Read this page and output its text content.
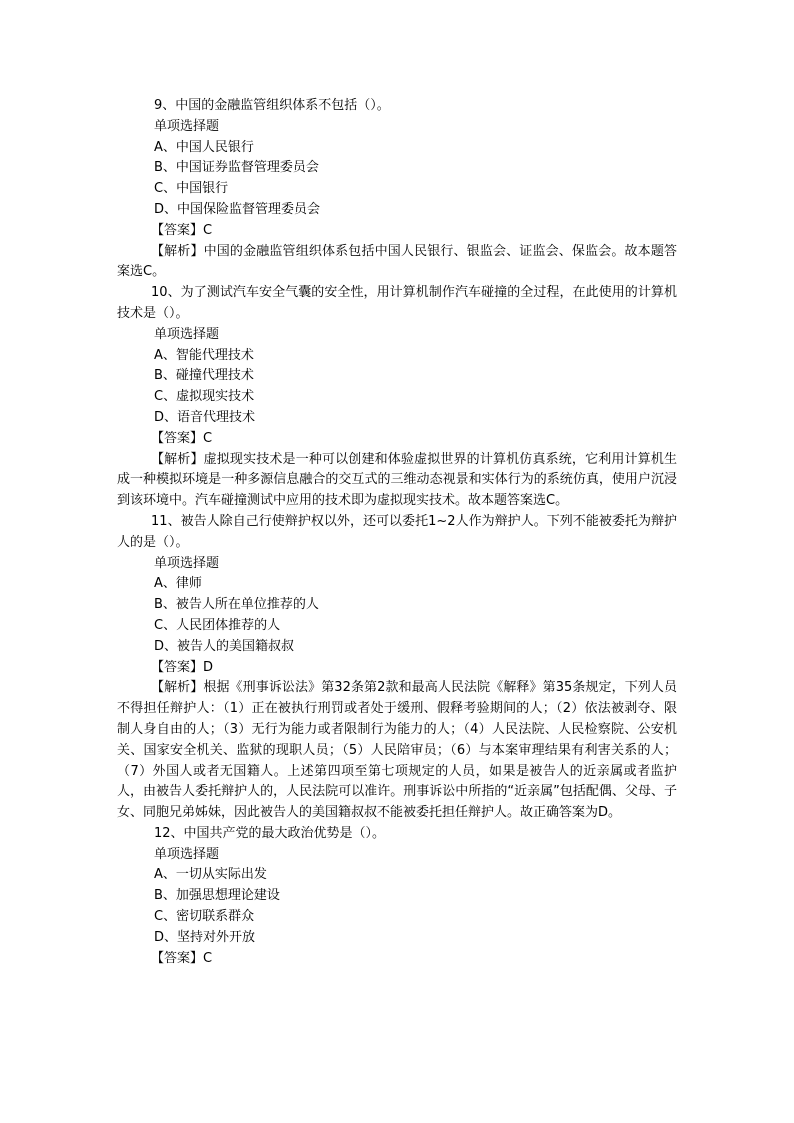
9、中国的金融监管组织体系不包括（）。
单项选择题
A、中国人民银行
B、中国证券监督管理委员会
C、中国银行
D、中国保险监督管理委员会
【答案】C
【解析】中国的金融监管组织体系包括中国人民银行、银监会、证监会、保监会。故本题答案选C。
10、为了测试汽车安全气囊的安全性，用计算机制作汽车碰撞的全过程，在此使用的计算机技术是（）。
单项选择题
A、智能代理技术
B、碰撞代理技术
C、虚拟现实技术
D、语音代理技术
【答案】C
【解析】虚拟现实技术是一种可以创建和体验虚拟世界的计算机仿真系统，它利用计算机生成一种模拟环境是一种多源信息融合的交互式的三维动态视景和实体行为的系统仿真，使用户沉浸到该环境中。汽车碰撞测试中应用的技术即为虚拟现实技术。故本题答案选C。
11、被告人除自己行使辩护权以外，还可以委托1~2人作为辩护人。下列不能被委托为辩护人的是（）。
单项选择题
A、律师
B、被告人所在单位推荐的人
C、人民团体推荐的人
D、被告人的美国籍叔叔
【答案】D
【解析】根据《刑事诉讼法》第32条第2款和最高人民法院《解释》第35条规定，下列人员不得担任辩护人：（1）正在被执行刑罚或者处于缓刑、假释考验期间的人；（2）依法被剥夺、限制人身自由的人；（3）无行为能力或者限制行为能力的人；（4）人民法院、人民检察院、公安机关、国家安全机关、监狱的现职人员；（5）人民陪审员；（6）与本案审理结果有利害关系的人；（7）外国人或者无国籍人。上述第四项至第七项规定的人员，如果是被告人的近亲属或者监护人，由被告人委托辩护人的，人民法院可以准许。刑事诉讼中所指的“近亲属”包括配偶、父母、子女、同胞兄弟姊妹，因此被告人的美国籍叔叔不能被委托担任辩护人。故正确答案为D。
12、中国共产党的最大政治优势是（）。
单项选择题
A、一切从实际出发
B、加强思想理论建设
C、密切联系群众
D、坚持对外开放
【答案】C
